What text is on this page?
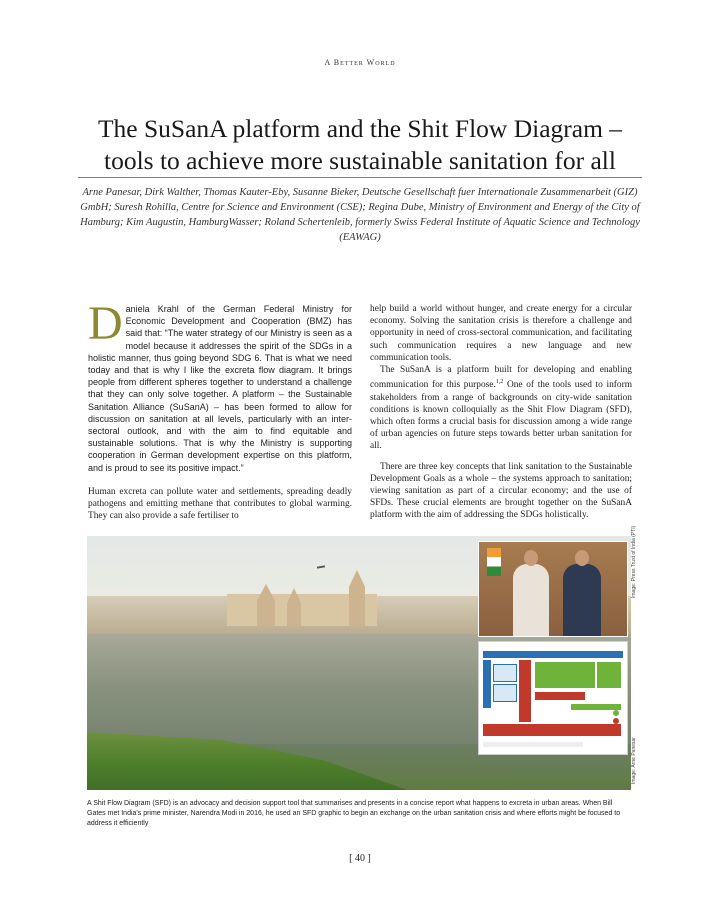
A Better World
The SuSanA platform and the Shit Flow Diagram –
tools to achieve more sustainable sanitation for all
Arne Panesar, Dirk Walther, Thomas Kauter-Eby, Susanne Bieker, Deutsche Gesellschaft fuer Internationale Zusammenarbeit (GIZ) GmbH; Suresh Rohilla, Centre for Science and Environment (CSE); Regina Dube, Ministry of Environment and Energy of the City of Hamburg; Kim Augustin, HamburgWasser; Roland Schertenleib, formerly Swiss Federal Institute of Aquatic Science and Technology (EAWAG)

Daniela Krahl of the German Federal Ministry for Economic Development and Cooperation (BMZ) has said that: “The water strategy of our Ministry is seen as a model because it addresses the spirit of the SDGs in a holistic manner, thus going beyond SDG 6. That is what we need today and that is why I like the excreta flow diagram. It brings people from different spheres together to understand a challenge that they can only solve together. A platform – the Sustainable Sanitation Alliance (SuSanA) – has been formed to allow for discussion on sanitation at all levels, particularly with an inter-sectoral outlook, and with the aim to find equitable and sustainable solutions. That is why the Ministry is supporting cooperation in German development expertise on this platform, and is proud to see its positive impact.”

Human excreta can pollute water and settlements, spreading deadly pathogens and emitting methane that contributes to global warming. They can also provide a safe fertiliser to

help build a world without hunger, and create energy for a circular economy. Solving the sanitation crisis is therefore a challenge and opportunity in need of cross-sectoral communication, and facilitating such communication requires a new language and new communication tools.

The SuSanA is a platform built for developing and enabling communication for this purpose.$^{1,2}$ One of the tools used to inform stakeholders from a range of backgrounds on city-wide sanitation conditions is known colloquially as the Shit Flow Diagram (SFD), which often forms a crucial basis for discussion among a wide range of urban agencies on future steps towards better urban sanitation for all.

There are three key concepts that link sanitation to the Sustainable Development Goals as a whole – the systems approach to sanitation; viewing sanitation as part of a circular economy; and the use of SFDs. These crucial elements are brought together on the SuSanA platform with the aim of addressing the SDGs holistically.

Image: Press Trust of India (PTI)
Image: Arne Panesar
A Shit Flow Diagram (SFD) is an advocacy and decision support tool that summarises and presents in a concise report what happens to excreta in urban areas. When Bill Gates met India's prime minister, Narendra Modi in 2016, he used an SFD graphic to begin an exchange on the urban sanitation crisis and where efforts might be focused to address it efficiently
[ 40 ]
